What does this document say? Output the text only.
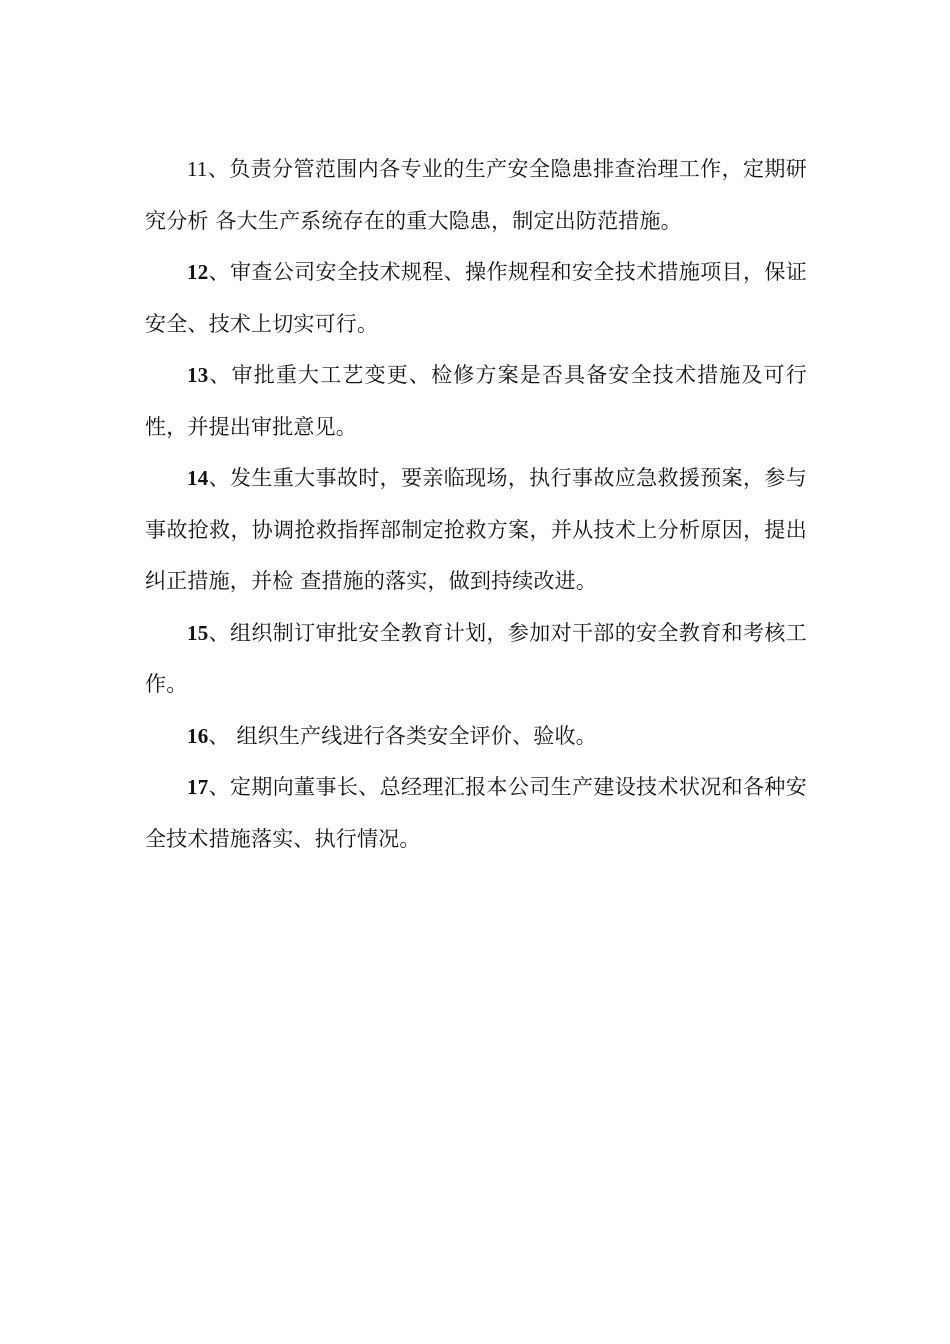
11、负责分管范围内各专业的生产安全隐患排查治理工作，定期研究分析 各大生产系统存在的重大隐患，制定出防范措施。

12、审查公司安全技术规程、操作规程和安全技术措施项目，保证安全、技术上切实可行。

13、审批重大工艺变更、检修方案是否具备安全技术措施及可行性，并提出审批意见。

14、发生重大事故时，要亲临现场，执行事故应急救援预案，参与事故抢救，协调抢救指挥部制定抢救方案，并从技术上分析原因，提出纠正措施，并检 查措施的落实，做到持续改进。

15、组织制订审批安全教育计划，参加对干部的安全教育和考核工作。

16、 组织生产线进行各类安全评价、验收。

17、定期向董事长、总经理汇报本公司生产建设技术状况和各种安全技术措施落实、执行情况。
